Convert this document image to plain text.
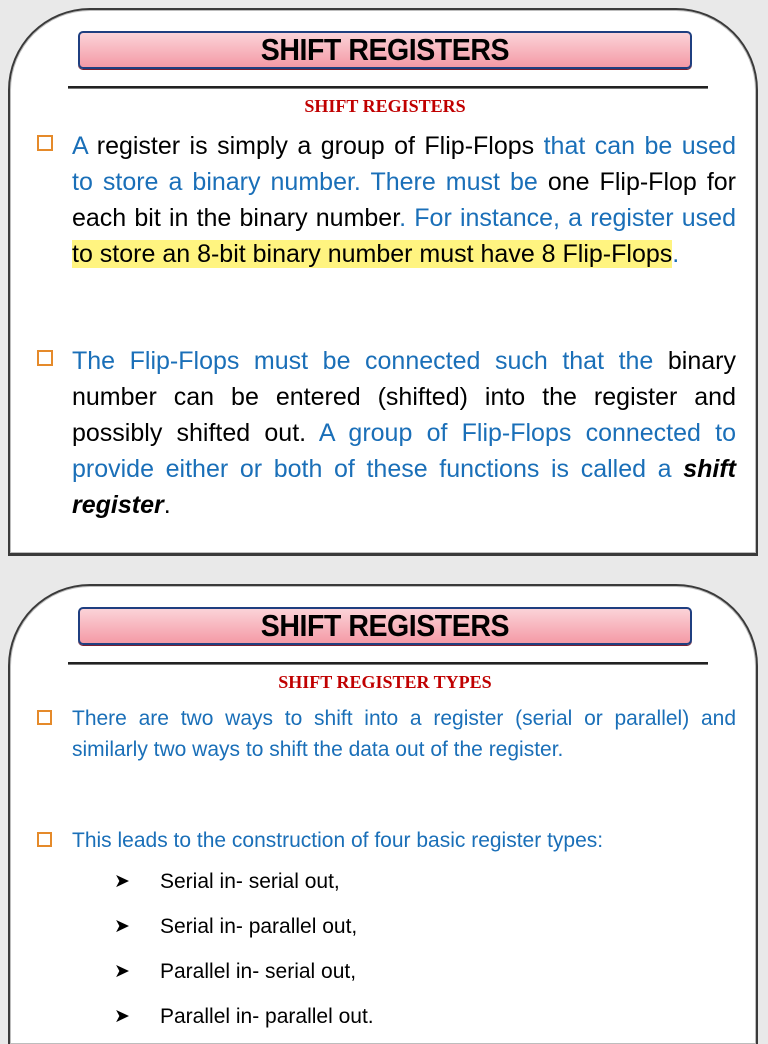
SHIFT REGISTERS
SHIFT REGISTERS
A register is simply a group of Flip-Flops that can be used to store a binary number. There must be one Flip-Flop for each bit in the binary number. For instance, a register used to store an 8-bit binary number must have 8 Flip-Flops.
The Flip-Flops must be connected such that the binary number can be entered (shifted) into the register and possibly shifted out. A group of Flip-Flops connected to provide either or both of these functions is called a shift register.
SHIFT REGISTERS
SHIFT REGISTER TYPES
There are two ways to shift into a register (serial or parallel) and similarly two ways to shift the data out of the register.
This leads to the construction of four basic register types:
➤ Serial in- serial out,
➤ Serial in- parallel out,
➤ Parallel in- serial out,
➤ Parallel in- parallel out.
